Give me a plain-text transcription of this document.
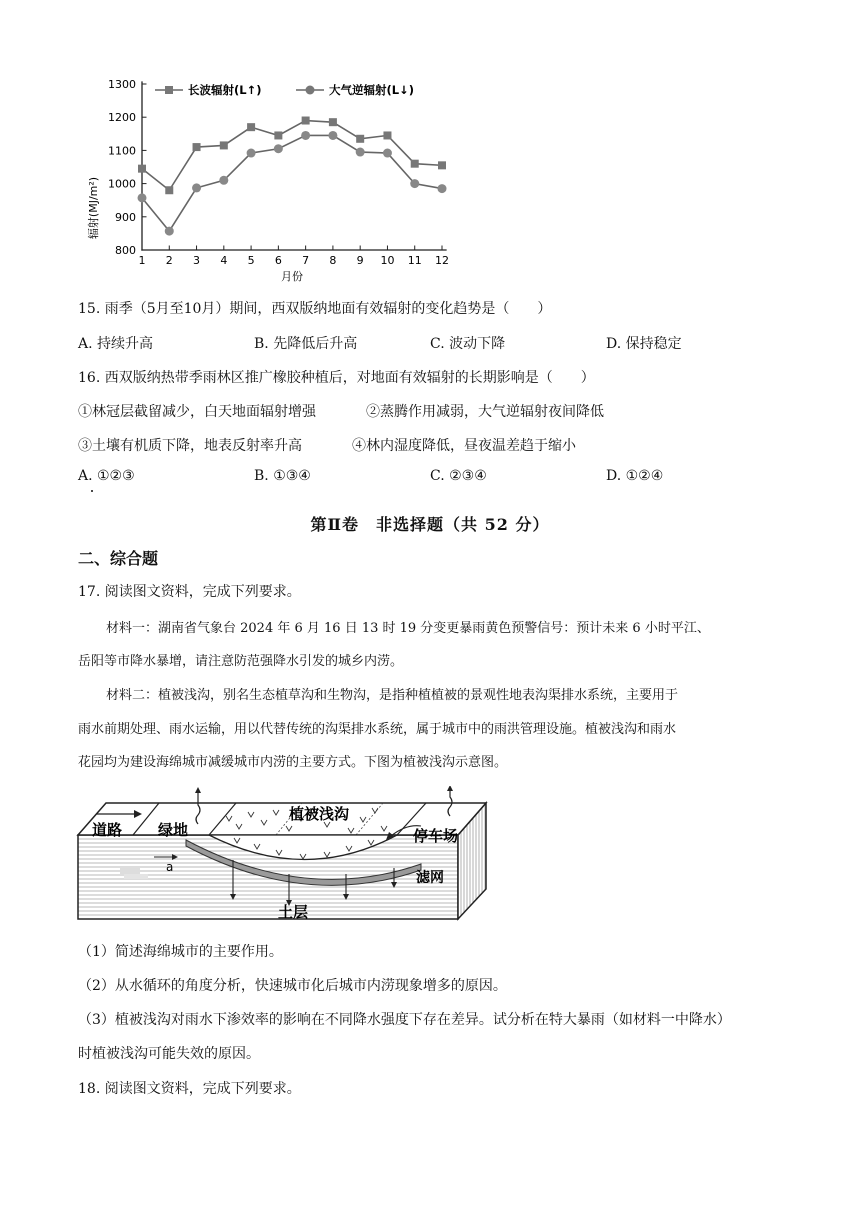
800
900
1000
1100
1200
1300
1 2 3 4 5 6 7 8 9 10 11 12
辐射(MJ/m²)
月份
长波辐射(L↑)	大气逆辐射(L↓)
15. 雨季（5月至10月）期间，西双版纳地面有效辐射的变化趋势是（　　）
A. 持续升高	B. 先降低后升高	C. 波动下降	D. 保持稳定
16. 西双版纳热带季雨林区推广橡胶种植后，对地面有效辐射的长期影响是（　　）
①林冠层截留减少，白天地面辐射增强	②蒸腾作用减弱，大气逆辐射夜间降低
③土壤有机质下降，地表反射率升高	④林内湿度降低，昼夜温差趋于缩小
A. ①②③	B. ①③④	C. ②③④	D. ①②④
第Ⅱ卷　非选择题（共 52 分）
二、综合题
17. 阅读图文资料，完成下列要求。
材料一：湖南省气象台 2024 年 6 月 16 日 13 时 19 分变更暴雨黄色预警信号：预计未来 6 小时平江、
岳阳等市降水暴增，请注意防范强降水引发的城乡内涝。
材料二：植被浅沟，别名生态植草沟和生物沟，是指种植植被的景观性地表沟渠排水系统，主要用于
雨水前期处理、雨水运输，用以代替传统的沟渠排水系统，属于城市中的雨洪管理设施。植被浅沟和雨水
花园均为建设海绵城市减缓城市内涝的主要方式。下图为植被浅沟示意图。
道路 绿地
植被浅沟
停车场
滤网
土层
a
（1）简述海绵城市的主要作用。
（2）从水循环的角度分析，快速城市化后城市内涝现象增多的原因。
（3）植被浅沟对雨水下渗效率的影响在不同降水强度下存在差异。试分析在特大暴雨（如材料一中降水）
时植被浅沟可能失效的原因。
18. 阅读图文资料，完成下列要求。
